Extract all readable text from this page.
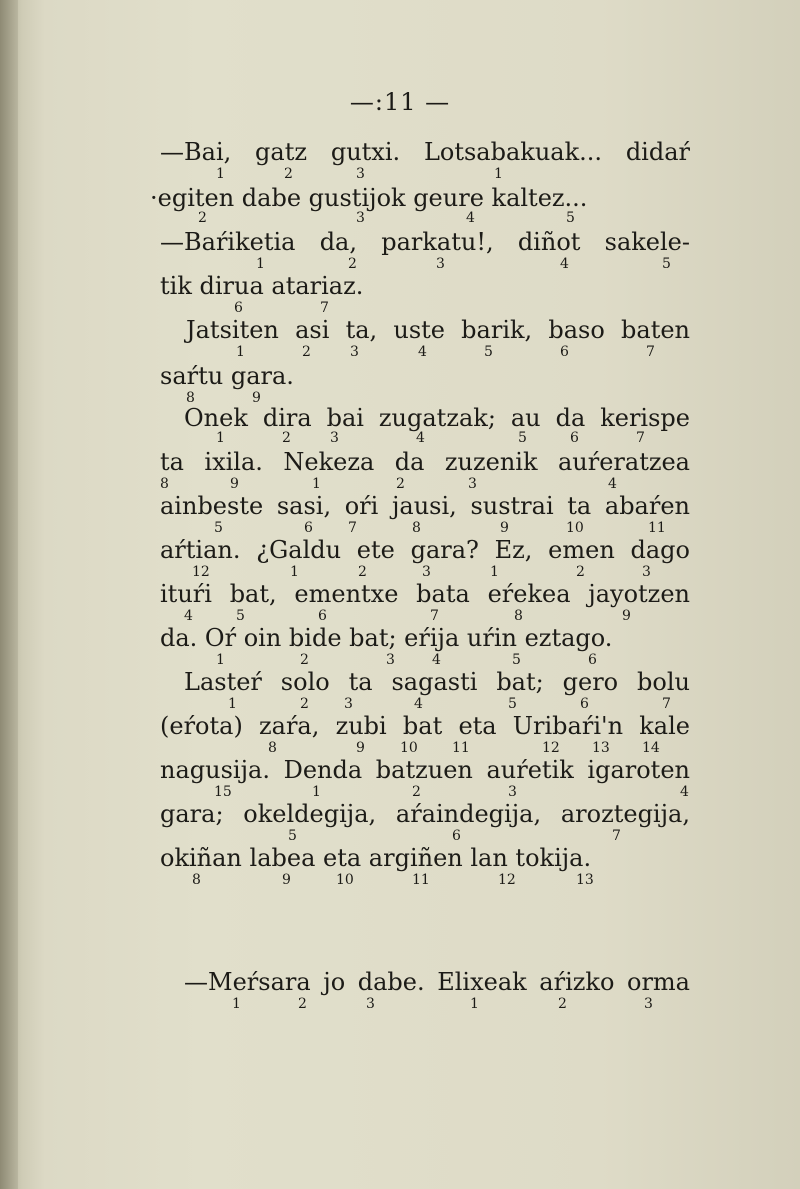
—:11 —
—Bai, gatz gutxi. Lotsabakuak... didaŕ
1	2	3	1
·egiten dabe gustijok geure kaltez...
2	3	4	5
—Baŕiketia da, parkatu!, diñot sakele-
1	2	3	4	5
tik dirua atariaz.
6	7
Jatsiten asi ta, uste barik, baso baten
1	2	3	4	5	6	7
saŕtu gara.
8	9
Onek dira bai zugatzak; au da kerispe
1	2	3	4	5	6	7
ta ixila. Nekeza da zuzenik auŕeratzea
8	9	1	2	3	4
ainbeste sasi, oŕi jausi, sustrai ta abaŕen
5	6	7	8	9	10	11
aŕtian. ¿Galdu ete gara? Ez, emen dago
12	1	2	3	1	2	3
ituŕi bat, ementxe bata eŕekea jayotzen
4	5	6	7	8	9
da. Oŕ oin bide bat; eŕija uŕin eztago.
1	2	3	4	5	6
Lasteŕ solo ta sagasti bat; gero bolu
1	2	3	4	5	6	7
(eŕota) zaŕa, zubi bat eta Uribaŕi'n kale
8	9	10 11	12 13 14
nagusija. Denda batzuen auŕetik igaroten
15	1	2	3	4
gara; okeldegija, aŕaindegija, aroztegija,
5	6	7
okiñan labea eta argiñen lan tokija.
8	9	10	11	12	13
—Meŕsara jo dabe. Elixeak aŕizko orma
1	2	3	1	2	3
